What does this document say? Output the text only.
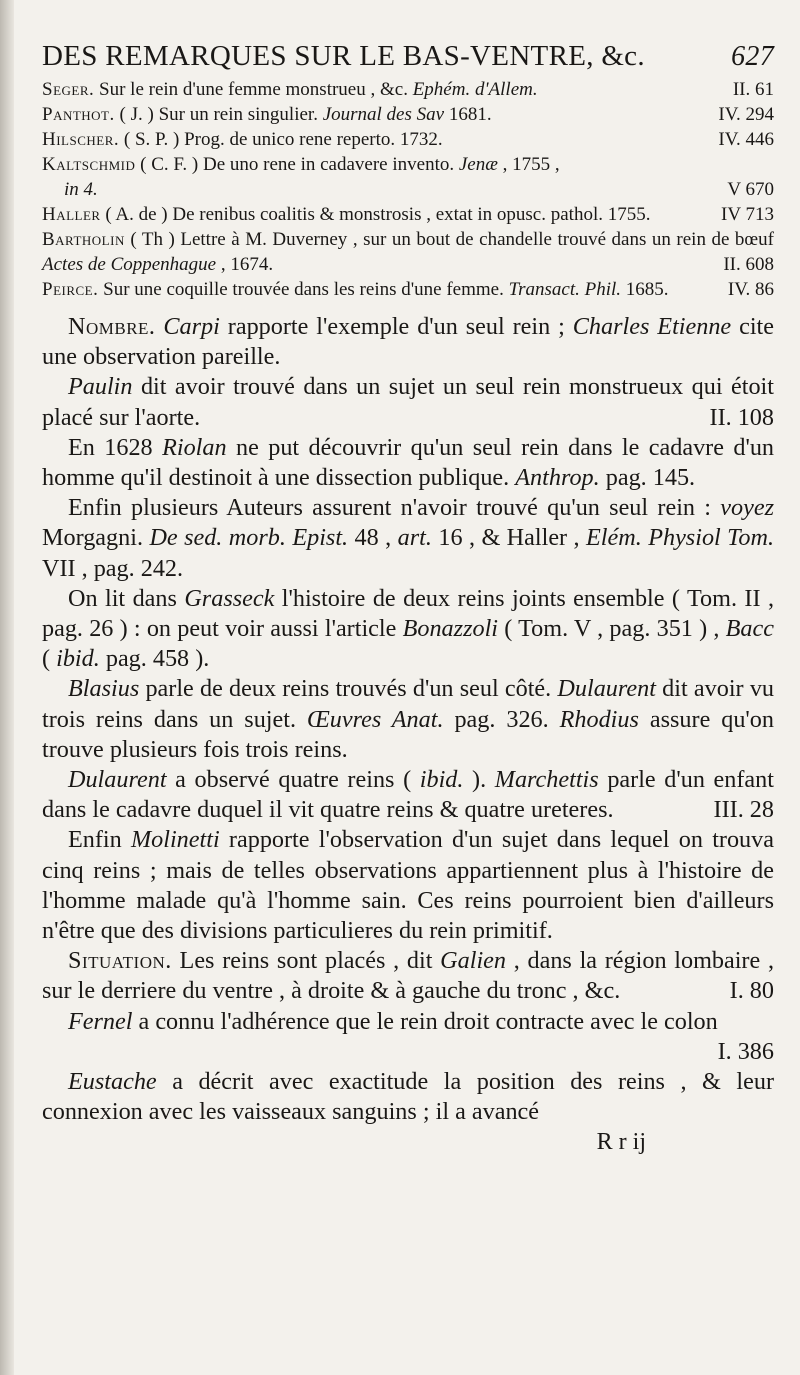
DES REMARQUES SUR LE BAS-VENTRE, &c.	627

Seger. Sur le rein d'une femme monstrueu , &c. Ephém. d'Allem.	II. 61

Panthot. ( J. ) Sur un rein singulier. Journal des Sav 1681.	IV. 294

Hilscher. ( S. P. ) Prog. de unico rene reperto. 1732.	IV. 446

Kaltschmid ( C. F. ) De uno rene in cadavere invento. Jenæ , 1755 ,
in 4.	V 670

Haller ( A. de ) De renibus coalitis & monstrosis , extat in opusc. pathol. 1755.	IV 713

Bartholin ( Th ) Lettre à M. Duverney , sur un bout de chandelle trouvé dans un rein de bœuf Actes de Coppenhague , 1674.	II. 608

Peirce. Sur une coquille trouvée dans les reins d'une femme. Transact. Phil. 1685.	IV. 86

Nombre. Carpi rapporte l'exemple d'un seul rein ; Charles Etienne cite une observation pareille.

Paulin dit avoir trouvé dans un sujet un seul rein monstrueux qui étoit placé sur l'aorte.	II. 108

En 1628 Riolan ne put découvrir qu'un seul rein dans le cadavre d'un homme qu'il destinoit à une dissection publique. Anthrop. pag. 145.

Enfin plusieurs Auteurs assurent n'avoir trouvé qu'un seul rein : voyez Morgagni. De sed. morb. Epist. 48 , art. 16 , & Haller , Elém. Physiol Tom. VII , pag. 242.

On lit dans Grasseck l'histoire de deux reins joints ensemble ( Tom. II , pag. 26 ) : on peut voir aussi l'article Bonazzoli ( Tom. V , pag. 351 ) , Bacc ( ibid. pag. 458 ).

Blasius parle de deux reins trouvés d'un seul côté. Dulaurent dit avoir vu trois reins dans un sujet. Œuvres Anat. pag. 326. Rhodius assure qu'on trouve plusieurs fois trois reins.

Dulaurent a observé quatre reins ( ibid. ). Marchettis parle d'un enfant dans le cadavre duquel il vit quatre reins & quatre ureteres.	III. 28

Enfin Molinetti rapporte l'observation d'un sujet dans lequel on trouva cinq reins ; mais de telles observations appartiennent plus à l'histoire de l'homme malade qu'à l'homme sain. Ces reins pourroient bien d'ailleurs n'être que des divisions particulieres du rein primitif.

Situation. Les reins sont placés , dit Galien , dans la région lombaire , sur le derriere du ventre , à droite & à gauche du tronc , &c.	I. 80

Fernel a connu l'adhérence que le rein droit contracte avec le colon
I. 386

Eustache a décrit avec exactitude la position des reins , & leur connexion avec les vaisseaux sanguins ; il a avancé

R r ij
